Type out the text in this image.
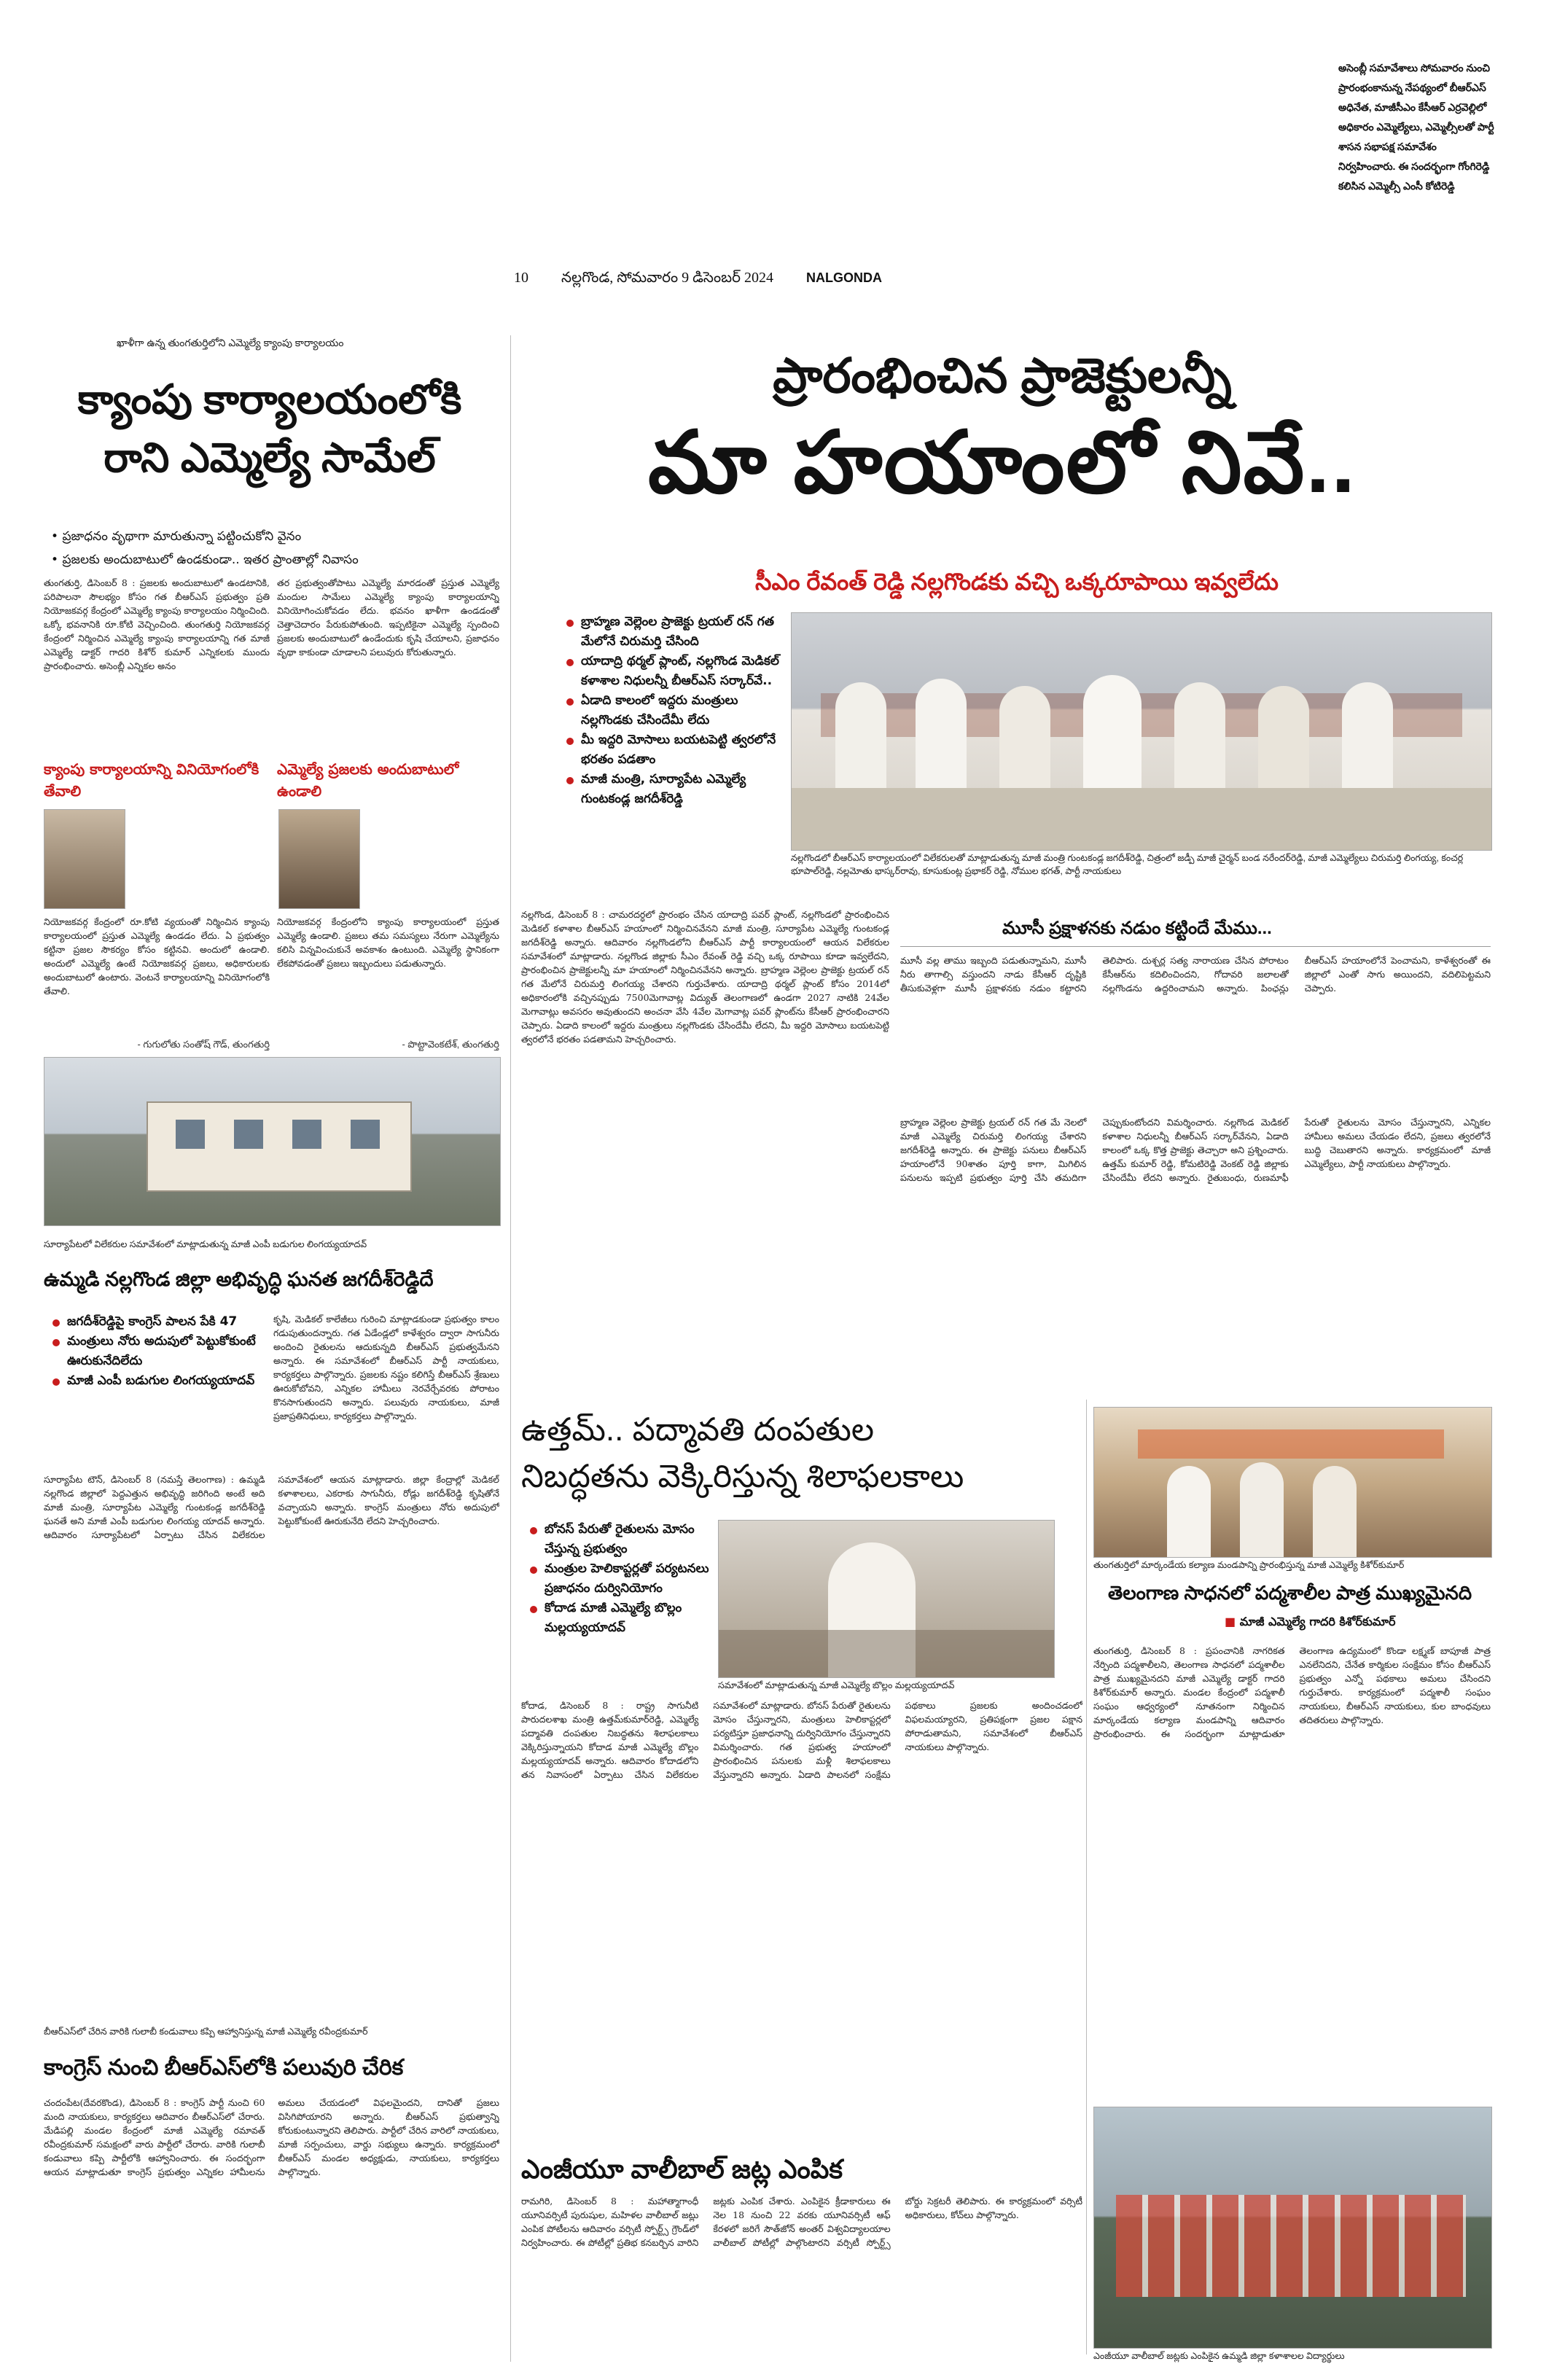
అసెంబ్లీ సమావేశాలు సోమవారం నుంచి ప్రారంభంకానున్న నేపథ్యంలో బీఆర్ఎస్ అధినేత, మాజీసీఎం కేసీఆర్ ఎర్రవెల్లిలో అధికారం ఎమ్మెల్యేలు, ఎమ్మెల్సీలతో పార్టీ శాసన సభాపక్ష సమావేశం నిర్వహించారు. ఈ సందర్భంగా గోంగిరెడ్డి కలిసిన ఎమ్మెల్సీ ఎంసీ కోటిరెడ్డి
10 నల్లగొండ, సోమవారం 9 డిసెంబర్ 2024	NALGONDA
ఖాళీగా ఉన్న తుంగతుర్తిలోని ఎమ్మెల్యే క్యాంపు కార్యాలయం
క్యాంపు కార్యాలయంలోకి
రాని ఎమ్మెల్యే సామేల్
• ప్రజాధనం వృథాగా మారుతున్నా పట్టించుకోని వైనం
• ప్రజలకు అందుబాటులో ఉండకుండా.. ఇతర ప్రాంతాల్లో నివాసం
తుంగతుర్తి, డిసెంబర్ 8 : ప్రజలకు అందుబాటులో ఉండటానికి, పరిపాలనా సౌలభ్యం కోసం గత బీఆర్ఎస్ ప్రభుత్వం ప్రతి నియోజకవర్గ కేంద్రంలో ఎమ్మెల్యే క్యాంపు కార్యాలయం నిర్మించింది. ఒక్కో భవనానికి రూ.కోటి వెచ్చించింది. తుంగతుర్తి నియోజకవర్గ కేంద్రంలో నిర్మించిన ఎమ్మెల్యే క్యాంపు కార్యాలయాన్ని గత మాజీ ఎమ్మెల్యే డాక్టర్ గాదరి కిశోర్ కుమార్ ఎన్నికలకు ముందు ప్రారంభించారు. అసెంబ్లీ ఎన్నికల అనం
తర ప్రభుత్వంతోపాటు ఎమ్మెల్యే మారడంతో ప్రస్తుత ఎమ్మెల్యే మందుల సామేలు ఎమ్మెల్యే క్యాంపు కార్యాలయాన్ని వినియోగించుకోవడం లేదు. భవనం ఖాళీగా ఉండడంతో చెత్తాచెదారం పేరుకుపోతుంది. ఇప్పటికైనా ఎమ్మెల్యే స్పందించి ప్రజలకు అందుబాటులో ఉండేందుకు కృషి చేయాలని, ప్రజాధనం వృథా కాకుండా చూడాలని పలువురు కోరుతున్నారు.
క్యాంపు కార్యాలయాన్ని వినియోగంలోకి తేవాలి
ఎమ్మెల్యే ప్రజలకు అందుబాటులో ఉండాలి
నియోజకవర్గ కేంద్రంలో రూ.కోటి వ్యయంతో నిర్మించిన క్యాంపు కార్యాలయంలో ప్రస్తుత ఎమ్మెల్యే ఉండడం లేదు. ఏ ప్రభుత్వం కట్టినా ప్రజల సౌకర్యం కోసం కట్టినవి. అందులో ఉండాలి. అందులో ఎమ్మెల్యే ఉంటే నియోజకవర్గ ప్రజలు, అధికారులకు అందుబాటులో ఉంటారు. వెంటనే కార్యాలయాన్ని వినియోగంలోకి తేవాలి.
- గుగులోతు సంతోష్ గౌడ్, తుంగతుర్తి
నియోజకవర్గ కేంద్రంలోని క్యాంపు కార్యాలయంలో ప్రస్తుత ఎమ్మెల్యే ఉండాలి. ప్రజలు తమ సమస్యలు నేరుగా ఎమ్మెల్యేను కలిసి విన్నవించుకునే అవకాశం ఉంటుంది. ఎమ్మెల్యే స్థానికంగా లేకపోవడంతో ప్రజలు ఇబ్బందులు పడుతున్నారు.
- పొట్టావెంకటేశ్, తుంగతుర్తి
ప్రారంభించిన ప్రాజెక్టులన్నీ
మా హయాంలో నివే..
సీఎం రేవంత్ రెడ్డి నల్లగొండకు వచ్చి ఒక్కరూపాయి ఇవ్వలేదు
బ్రాహ్మణ వెల్లెంల ప్రాజెక్టు ట్రయల్ రన్ గత మేలోనే చిరుమర్తి చేసింది
యాదాద్రి థర్మల్ ప్లాంట్, నల్లగొండ మెడికల్ కళాశాల నిధులన్నీ బీఆర్ఎస్ సర్కార్‌వే..
ఏడాది కాలంలో ఇద్దరు మంత్రులు నల్లగొండకు చేసిందేమీ లేదు
మీ ఇద్దరి మోసాలు బయటపెట్టి త్వరలోనే భరతం పడతాం
మాజీ మంత్రి, సూర్యాపేట ఎమ్మెల్యే గుంటకండ్ల జగదీశ్‌రెడ్డి
నల్లగొండలో బీఆర్ఎస్ కార్యాలయంలో విలేకరులతో మాట్లాడుతున్న మాజీ మంత్రి గుంటకండ్ల జగదీశ్‌రెడ్డి, చిత్రంలో జడ్పీ మాజీ చైర్మన్ బండ నరేందర్‌రెడ్డి, మాజీ ఎమ్మెల్యేలు చిరుమర్తి లింగయ్య, కంచర్ల భూపాల్‌రెడ్డి, నల్లమోతు భాస్కర్‌రావు, కూసుకుంట్ల ప్రభాకర్ రెడ్డి, నోముల భగత్, పార్టీ నాయకులు
నల్లగొండ, డిసెంబర్ 8 : చామరదర్ధలో ప్రారంభం చేసిన యాదాద్రి పవర్ ప్లాంట్, నల్లగొండలో ప్రారంభించిన మెడికల్ కళాశాల బీఆర్ఎస్ హయాంలో నిర్మించినవేనని మాజీ మంత్రి, సూర్యాపేట ఎమ్మెల్యే గుంటకండ్ల జగదీశ్‌రెడ్డి అన్నారు. ఆదివారం నల్లగొండలోని బీఆర్ఎస్ పార్టీ కార్యాలయంలో ఆయన విలేకరుల సమావేశంలో మాట్లాడారు. నల్లగొండ జిల్లాకు సీఎం రేవంత్ రెడ్డి వచ్చి ఒక్క రూపాయి కూడా ఇవ్వలేదని, ప్రారంభించిన ప్రాజెక్టులన్నీ మా హయాంలో నిర్మించినవేనని అన్నారు. బ్రాహ్మణ వెల్లెంల ప్రాజెక్టు ట్రయల్ రన్ గత మేలోనే చిరుమర్తి లింగయ్య చేశారని గుర్తుచేశారు. యాదాద్రి థర్మల్ ప్లాంట్ కోసం 2014లో అధికారంలోకి వచ్చినప్పుడు 7500మెగావాట్ల విద్యుత్ తెలంగాణలో ఉండగా 2027 నాటికి 24వేల మెగావాట్లు అవసరం అవుతుందని అంచనా వేసి 4వేల మెగావాట్ల పవర్ ప్లాంట్‌ను కేసీఆర్ ప్రారంభించారని చెప్పారు. ఏడాది కాలంలో ఇద్దరు మంత్రులు నల్లగొండకు చేసిందేమీ లేదని, మీ ఇద్దరి మోసాలు బయటపెట్టి త్వరలోనే భరతం పడతామని హెచ్చరించారు.
మూసీ ప్రక్షాళనకు నడుం కట్టిందే మేము...
మూసీ వల్ల తాము ఇబ్బంది పడుతున్నామని, మూసీ నీరు తాగాల్సి వస్తుందని నాడు కేసీఆర్ దృష్టికి తీసుకువెళ్లగా మూసీ ప్రక్షాళనకు నడుం కట్టారని తెలిపారు. దుశ్చర్ల సత్య నారాయణ చేసిన పోరాటం కేసీఆర్‌ను కదిలించిందని, గోదావరి జలాలతో నల్లగొండను ఉద్దరించామని అన్నారు. పింఛన్లు బీఆర్ఎస్ హయాంలోనే పెంచామని, కాళేశ్వరంతో ఈ జిల్లాలో ఎంతో సాగు అయిందని, వదిలిపెట్టమని చెప్పారు.
బ్రాహ్మణ వెల్లెంల ప్రాజెక్టు ట్రయల్ రన్ గత మే నెలలో మాజీ ఎమ్మెల్యే చిరుమర్తి లింగయ్య చేశారని జగదీశ్‌రెడ్డి అన్నారు. ఈ ప్రాజెక్టు పనులు బీఆర్ఎస్ హయాంలోనే 90శాతం పూర్తి కాగా, మిగిలిన పనులను ఇప్పటి ప్రభుత్వం పూర్తి చేసి తమదిగా చెప్పుకుంటోందని విమర్శించారు. నల్లగొండ మెడికల్ కళాశాల నిధులన్నీ బీఆర్ఎస్ సర్కార్‌వేనని, ఏడాది కాలంలో ఒక్క కొత్త ప్రాజెక్టు తెచ్చారా అని ప్రశ్నించారు. ఉత్తమ్ కుమార్ రెడ్డి, కోమటిరెడ్డి వెంకట్ రెడ్డి జిల్లాకు చేసిందేమీ లేదని అన్నారు. రైతుబంధు, రుణమాఫీ పేరుతో రైతులను మోసం చేస్తున్నారని, ఎన్నికల హామీలు అమలు చేయడం లేదని, ప్రజలు త్వరలోనే బుద్ధి చెబుతారని అన్నారు. కార్యక్రమంలో మాజీ ఎమ్మెల్యేలు, పార్టీ నాయకులు పాల్గొన్నారు.
సూర్యాపేటలో విలేకరుల సమావేశంలో మాట్లాడుతున్న మాజీ ఎంపీ బడుగుల లింగయ్యయాదవ్
ఉమ్మడి నల్లగొండ జిల్లా అభివృద్ధి ఘనత జగదీశ్‌రెడ్డిదే
జగదీశ్‌రెడ్డిపై కాంగ్రెస్ పాలన పేకి 47
మంత్రులు నోరు అదుపులో పెట్టుకోకుంటే ఊరుకునేదిలేదు
మాజీ ఎంపీ బడుగుల లింగయ్యయాదవ్
కృషి, మెడికల్ కాలేజీలు గురించి మాట్లాడకుండా ప్రభుత్వం కాలం గడుపుతుందన్నారు. గత ఏడేండ్లలో కాళేశ్వరం ద్వారా సాగునీరు అందించి రైతులను ఆదుకున్నది బీఆర్ఎస్ ప్రభుత్వమేనని అన్నారు. ఈ సమావేశంలో బీఆర్ఎస్ పార్టీ నాయకులు, కార్యకర్తలు పాల్గొన్నారు. ప్రజలకు నష్టం కలిగిస్తే బీఆర్ఎస్ శ్రేణులు ఊరుకోబోవని, ఎన్నికల హామీలు నెరవేర్చేవరకు పోరాటం కొనసాగుతుందని అన్నారు. పలువురు నాయకులు, మాజీ ప్రజాప్రతినిధులు, కార్యకర్తలు పాల్గొన్నారు.
సూర్యాపేట టౌన్, డిసెంబర్ 8 (నమస్తే తెలంగాణ) : ఉమ్మడి నల్లగొండ జిల్లాలో పెద్దఎత్తున అభివృద్ధి జరిగింది అంటే అది మాజీ మంత్రి, సూర్యాపేట ఎమ్మెల్యే గుంటకండ్ల జగదీశ్‌రెడ్డి ఘనతే అని మాజీ ఎంపీ బడుగుల లింగయ్య యాదవ్ అన్నారు. ఆదివారం సూర్యాపేటలో ఏర్పాటు చేసిన విలేకరుల సమావేశంలో ఆయన మాట్లాడారు. జిల్లా కేంద్రాల్లో మెడికల్ కళాశాలలు, ఎకరాకు సాగునీరు, రోడ్లు జగదీశ్‌రెడ్డి కృషితోనే వచ్చాయని అన్నారు. కాంగ్రెస్ మంత్రులు నోరు అదుపులో పెట్టుకోకుంటే ఊరుకునేది లేదని హెచ్చరించారు.
ఉత్తమ్.. పద్మావతి దంపతుల
నిబద్ధతను వెక్కిరిస్తున్న శిలాఫలకాలు
బోనస్ పేరుతో రైతులను మోసం చేస్తున్న ప్రభుత్వం
మంత్రుల హెలికాప్టర్లతో పర్యటనలు ప్రజాధనం దుర్వినియోగం
కోదాడ మాజీ ఎమ్మెల్యే బొల్లం మల్లయ్యయాదవ్
సమావేశంలో మాట్లాడుతున్న మాజీ ఎమ్మెల్యే బొల్లం మల్లయ్యయాదవ్
కోదాడ, డిసెంబర్ 8 : రాష్ట్ర సాగునీటి పారుదలశాఖ మంత్రి ఉత్తమ్‌కుమార్‌రెడ్డి, ఎమ్మెల్యే పద్మావతి దంపతుల నిబద్ధతను శిలాఫలకాలు వెక్కిరిస్తున్నాయని కోదాడ మాజీ ఎమ్మెల్యే బొల్లం మల్లయ్యయాదవ్ అన్నారు. ఆదివారం కోదాడలోని తన నివాసంలో ఏర్పాటు చేసిన విలేకరుల సమావేశంలో మాట్లాడారు. బోనస్ పేరుతో రైతులను మోసం చేస్తున్నారని, మంత్రులు హెలికాప్టర్లలో పర్యటిస్తూ ప్రజాధనాన్ని దుర్వినియోగం చేస్తున్నారని విమర్శించారు. గత ప్రభుత్వ హయాంలో ప్రారంభించిన పనులకు మళ్లీ శిలాఫలకాలు వేస్తున్నారని అన్నారు. ఏడాది పాలనలో సంక్షేమ పథకాలు ప్రజలకు అందించడంలో విఫలమయ్యారని, ప్రతిపక్షంగా ప్రజల పక్షాన పోరాడుతామని, సమావేశంలో బీఆర్ఎస్ నాయకులు పాల్గొన్నారు.
తుంగతుర్తిలో మార్కండేయ కల్యాణ మండపాన్ని ప్రారంభిస్తున్న మాజీ ఎమ్మెల్యే కిశోర్‌కుమార్
తెలంగాణ సాధనలో పద్మశాలీల పాత్ర ముఖ్యమైనది
■ మాజీ ఎమ్మెల్యే గాదరి కిశోర్‌కుమార్
తుంగతుర్తి, డిసెంబర్ 8 : ప్రపంచానికి నాగరికత నేర్పింది పద్మశాలీలని, తెలంగాణ సాధనలో పద్మశాలీల పాత్ర ముఖ్యమైనదని మాజీ ఎమ్మెల్యే డాక్టర్ గాదరి కిశోర్‌కుమార్ అన్నారు. మండల కేంద్రంలో పద్మశాలీ సంఘం ఆధ్వర్యంలో నూతనంగా నిర్మించిన మార్కండేయ కల్యాణ మండపాన్ని ఆదివారం ప్రారంభించారు. ఈ సందర్భంగా మాట్లాడుతూ తెలంగాణ ఉద్యమంలో కొండా లక్ష్మణ్ బాపూజీ పాత్ర ఎనలేనిదని, చేనేత కార్మికుల సంక్షేమం కోసం బీఆర్ఎస్ ప్రభుత్వం ఎన్నో పథకాలు అమలు చేసిందని గుర్తుచేశారు. కార్యక్రమంలో పద్మశాలీ సంఘం నాయకులు, బీఆర్ఎస్ నాయకులు, కుల బాంధవులు తదితరులు పాల్గొన్నారు.
బీఆర్ఎస్‌లో చేరిన వారికి గులాబీ కండువాలు కప్పి ఆహ్వానిస్తున్న మాజీ ఎమ్మెల్యే రవీంద్రకుమార్
కాంగ్రెస్ నుంచి బీఆర్ఎస్‌లోకి పలువురి చేరిక
చందంపేట(దేవరకొండ), డిసెంబర్ 8 : కాంగ్రెస్ పార్టీ నుంచి 60 మంది నాయకులు, కార్యకర్తలు ఆదివారం బీఆర్ఎస్‌లో చేరారు. మేడిపల్లి మండల కేంద్రంలో మాజీ ఎమ్మెల్యే రమావత్ రవీంద్రకుమార్ సమక్షంలో వారు పార్టీలో చేరారు. వారికి గులాబీ కండువాలు కప్పి పార్టీలోకి ఆహ్వానించారు. ఈ సందర్భంగా ఆయన మాట్లాడుతూ కాంగ్రెస్ ప్రభుత్వం ఎన్నికల హామీలను అమలు చేయడంలో విఫలమైందని, దానితో ప్రజలు విసిగిపోయారని అన్నారు. బీఆర్ఎస్ ప్రభుత్వాన్ని కోరుకుంటున్నారని తెలిపారు. పార్టీలో చేరిన వారిలో నాయకులు, మాజీ సర్పంచులు, వార్డు సభ్యులు ఉన్నారు. కార్యక్రమంలో బీఆర్ఎస్ మండల అధ్యక్షుడు, నాయకులు, కార్యకర్తలు పాల్గొన్నారు.	ఎంజీయూ వాలీబాల్ జట్ల ఎంపిక
రామగిరి, డిసెంబర్ 8 : మహాత్మాగాంధీ యూనివర్సిటీ పురుషుల, మహిళల వాలీబాల్ జట్లు ఎంపిక పోటీలను ఆదివారం వర్సిటీ స్పోర్ట్స్ గ్రౌండ్‌లో నిర్వహించారు. ఈ పోటీల్లో ప్రతిభ కనబర్చిన వారిని జట్లకు ఎంపిక చేశారు. ఎంపికైన క్రీడాకారులు ఈ నెల 18 నుంచి 22 వరకు యూనివర్సిటీ ఆఫ్ కేరళలో జరిగే సౌత్‌జోన్ అంతర్ విశ్వవిద్యాలయాల వాలీబాల్ పోటీల్లో పాల్గొంటారని వర్సిటీ స్పోర్ట్స్ బోర్డు సెక్రటరీ తెలిపారు. ఈ కార్యక్రమంలో వర్సిటీ అధికారులు, కోచ్‌లు పాల్గొన్నారు.
ఎంజీయూ వాలీబాల్ జట్లకు ఎంపికైన ఉమ్మడి జిల్లా కళాశాలల విద్యార్థులు
